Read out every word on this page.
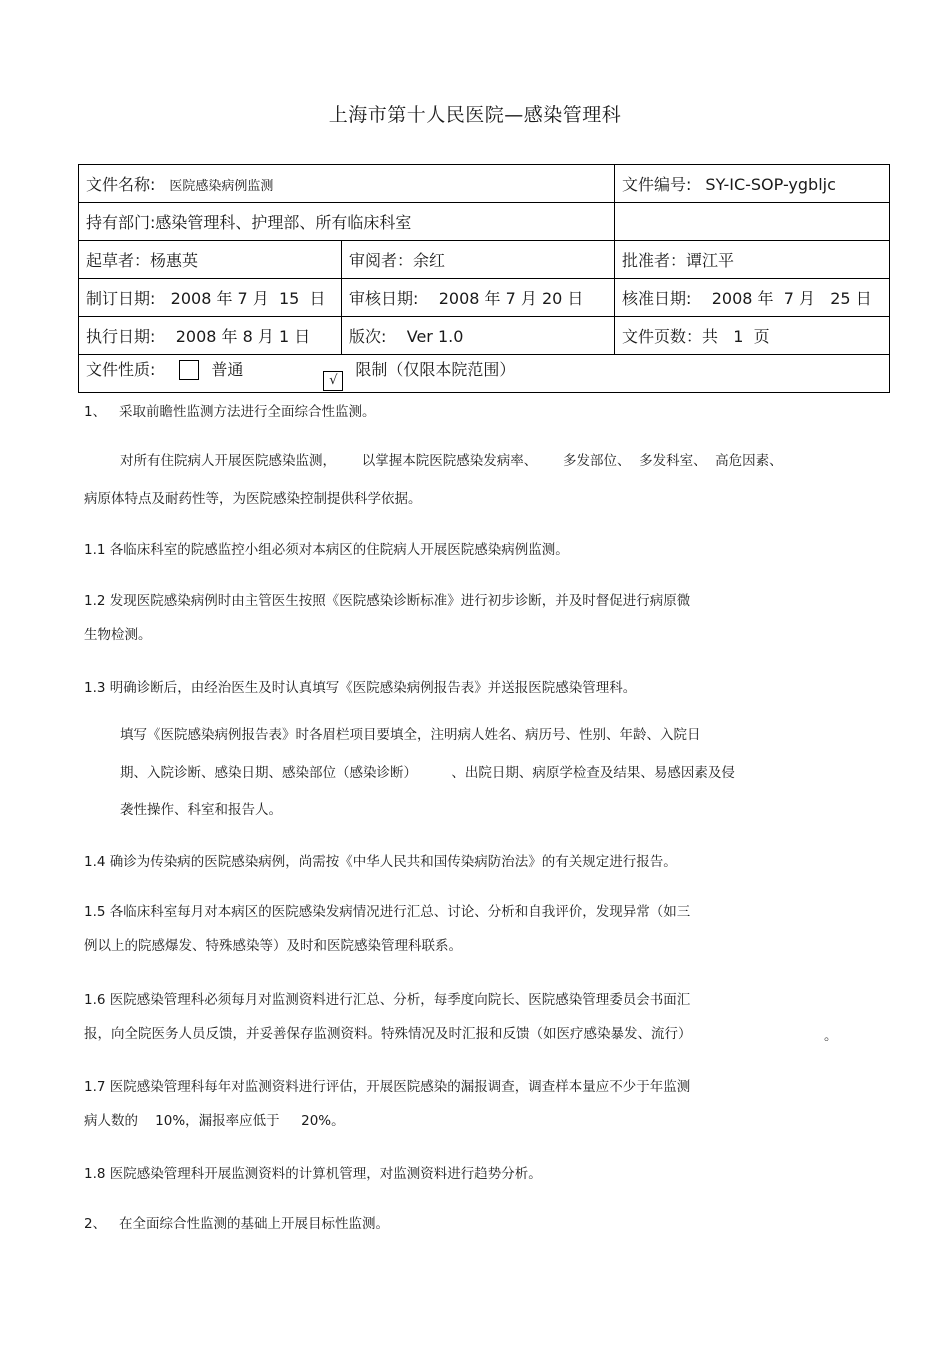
上海市第十人民医院—感染管理科
文件名称: 医院感染病例监测		文件编号: SY-IC-SOP-ygbljc
持有部门:感染管理科、护理部、所有临床科室		
起草者：杨惠英	审阅者：余红	批准者：谭江平
制订日期:   2008 年 7 月  15  日	审核日期:    2008 年 7 月 20 日	核准日期:    2008 年  7 月   25 日
执行日期:    2008 年 8 月 1 日	版次:    Ver 1.0	文件页数：共   1  页
文件性质: 普通√限制（仅限本院范围）		
1、   采取前瞻性监测方法进行全面综合性监测。
对所有住院病人开展医院感染监测，      以掌握本院医院感染发病率、      多发部位、  多发科室、  高危因素、
病原体特点及耐药性等，为医院感染控制提供科学依据。
1.1 各临床科室的院感监控小组必须对本病区的住院病人开展医院感染病例监测。
1.2 发现医院感染病例时由主管医生按照《医院感染诊断标准》进行初步诊断，并及时督促进行病原微
生物检测。
1.3 明确诊断后，由经治医生及时认真填写《医院感染病例报告表》并送报医院感染管理科。
填写《医院感染病例报告表》时各眉栏项目要填全，注明病人姓名、病历号、性别、年龄、入院日
期、入院诊断、感染日期、感染部位（感染诊断）        、出院日期、病原学检查及结果、易感因素及侵
袭性操作、科室和报告人。
1.4 确诊为传染病的医院感染病例，尚需按《中华人民共和国传染病防治法》的有关规定进行报告。
1.5 各临床科室每月对本病区的医院感染发病情况进行汇总、讨论、分析和自我评价，发现异常（如三
例以上的院感爆发、特殊感染等）及时和医院感染管理科联系。
1.6 医院感染管理科必须每月对监测资料进行汇总、分析，每季度向院长、医院感染管理委员会书面汇
报，向全院医务人员反馈，并妥善保存监测资料。特殊情况及时汇报和反馈（如医疗感染暴发、流行）	。
1.7 医院感染管理科每年对监测资料进行评估，开展医院感染的漏报调查，调查样本量应不少于年监测
病人数的    10%，漏报率应低于     20%。
1.8 医院感染管理科开展监测资料的计算机管理，对监测资料进行趋势分析。
2、   在全面综合性监测的基础上开展目标性监测。
